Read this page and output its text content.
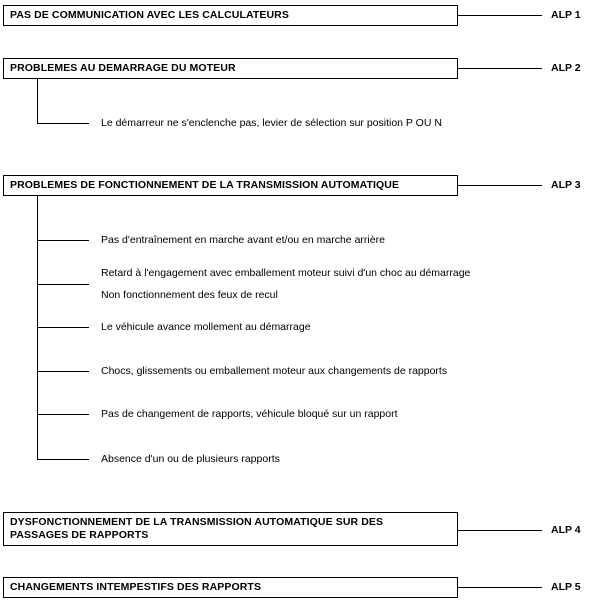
PAS DE COMMUNICATION AVEC LES CALCULATEURS	ALP 1
PROBLEMES AU DEMARRAGE DU MOTEUR	ALP 2
Le démarreur ne s'enclenche pas, levier de sélection sur position P OU N
PROBLEMES DE FONCTIONNEMENT DE LA TRANSMISSION AUTOMATIQUE	ALP 3
Pas d'entraînement en marche avant et/ou en marche arrière
Retard à l'engagement avec emballement moteur suivi d'un choc au démarrage
Non fonctionnement des feux de recul
Le véhicule avance mollement au démarrage
Chocs, glissements ou emballement moteur aux changements de rapports
Pas de changement de rapports, véhicule bloqué sur un rapport
Absence d'un ou de plusieurs rapports
DYSFONCTIONNEMENT DE LA TRANSMISSION AUTOMATIQUE SUR DES
PASSAGES DE RAPPORTS	ALP 4
CHANGEMENTS INTEMPESTIFS DES RAPPORTS	ALP 5
